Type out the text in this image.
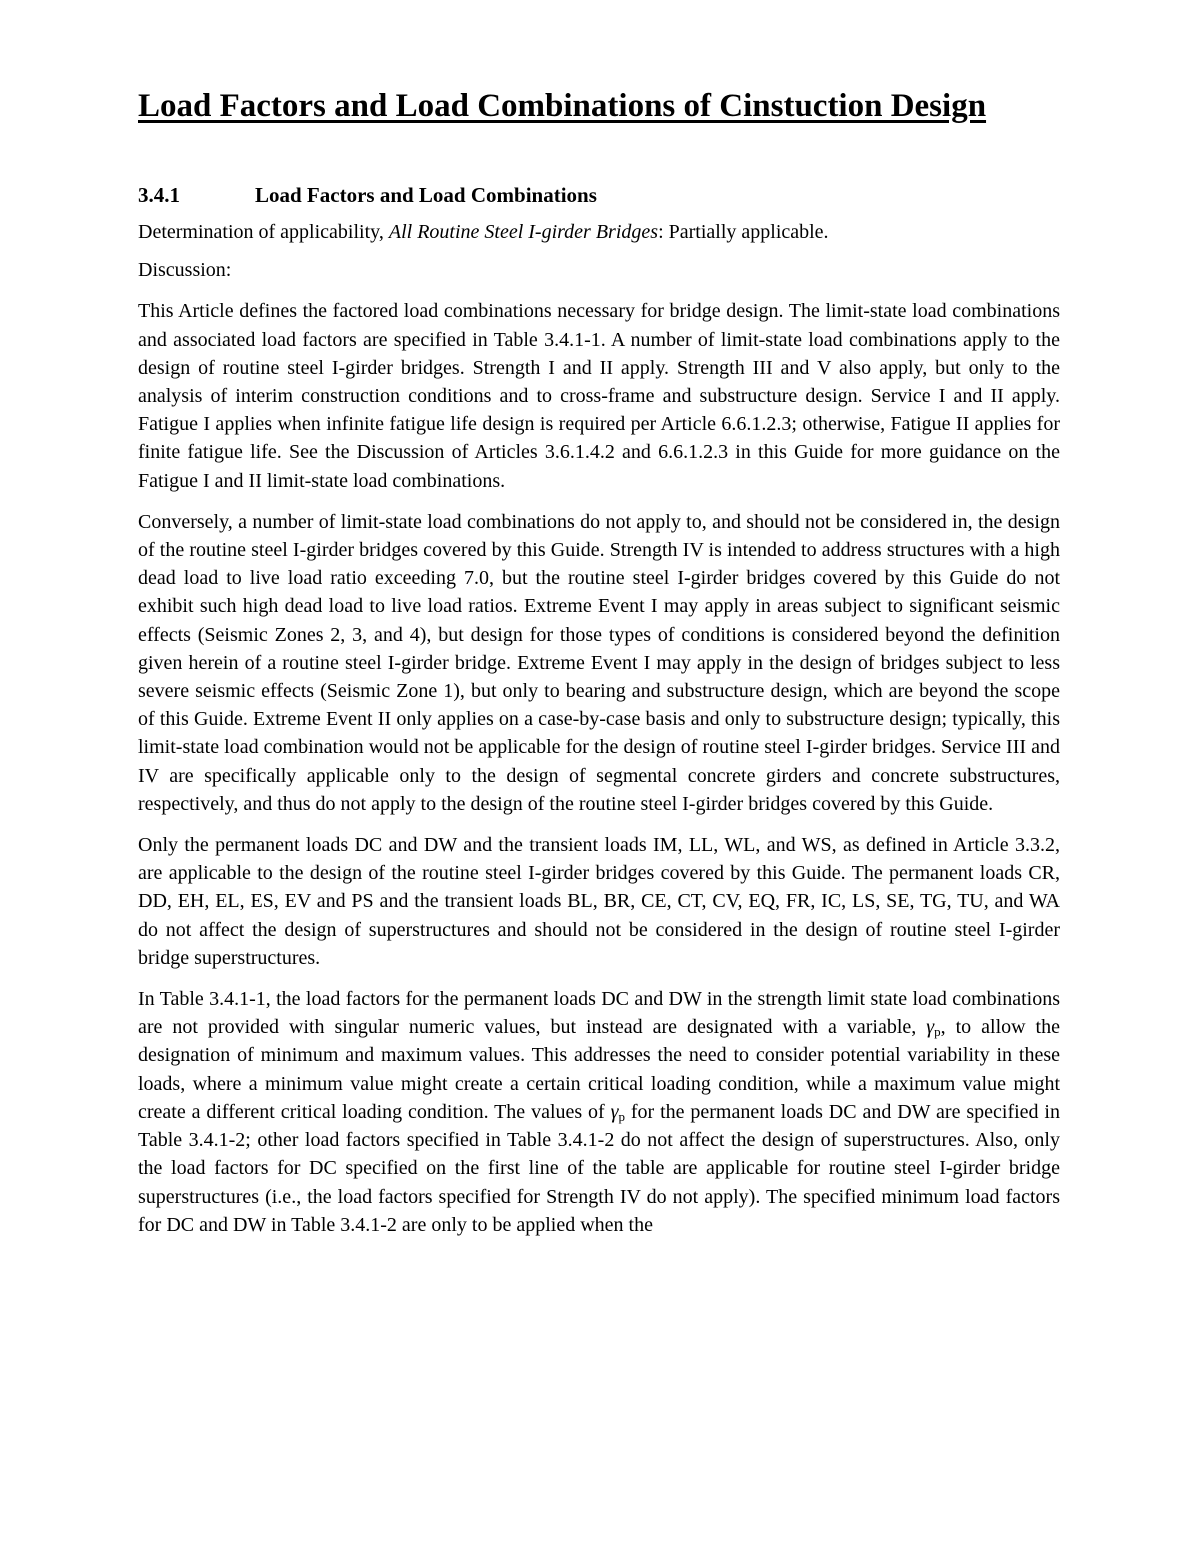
Load Factors and Load Combinations of Cinstuction Design
3.4.1	Load Factors and Load Combinations

Determination of applicability, All Routine Steel I-girder Bridges: Partially applicable.

Discussion:

This Article defines the factored load combinations necessary for bridge design. The limit-state load combinations and associated load factors are specified in Table 3.4.1-1. A number of limit-state load combinations apply to the design of routine steel I-girder bridges. Strength I and II apply. Strength III and V also apply, but only to the analysis of interim construction conditions and to cross-frame and substructure design. Service I and II apply. Fatigue I applies when infinite fatigue life design is required per Article 6.6.1.2.3; otherwise, Fatigue II applies for finite fatigue life. See the Discussion of Articles 3.6.1.4.2 and 6.6.1.2.3 in this Guide for more guidance on the Fatigue I and II limit-state load combinations.

Conversely, a number of limit-state load combinations do not apply to, and should not be considered in, the design of the routine steel I-girder bridges covered by this Guide. Strength IV is intended to address structures with a high dead load to live load ratio exceeding 7.0, but the routine steel I-girder bridges covered by this Guide do not exhibit such high dead load to live load ratios. Extreme Event I may apply in areas subject to significant seismic effects (Seismic Zones 2, 3, and 4), but design for those types of conditions is considered beyond the definition given herein of a routine steel I-girder bridge. Extreme Event I may apply in the design of bridges subject to less severe seismic effects (Seismic Zone 1), but only to bearing and substructure design, which are beyond the scope of this Guide. Extreme Event II only applies on a case-by-case basis and only to substructure design; typically, this limit-state load combination would not be applicable for the design of routine steel I-girder bridges. Service III and IV are specifically applicable only to the design of segmental concrete girders and concrete substructures, respectively, and thus do not apply to the design of the routine steel I-girder bridges covered by this Guide.

Only the permanent loads DC and DW and the transient loads IM, LL, WL, and WS, as defined in Article 3.3.2, are applicable to the design of the routine steel I-girder bridges covered by this Guide. The permanent loads CR, DD, EH, EL, ES, EV and PS and the transient loads BL, BR, CE, CT, CV, EQ, FR, IC, LS, SE, TG, TU, and WA do not affect the design of superstructures and should not be considered in the design of routine steel I-girder bridge superstructures.

In Table 3.4.1-1, the load factors for the permanent loads DC and DW in the strength limit state load combinations are not provided with singular numeric values, but instead are designated with a variable, $\gamma_p$, to allow the designation of minimum and maximum values. This addresses the need to consider potential variability in these loads, where a minimum value might create a certain critical loading condition, while a maximum value might create a different critical loading condition. The values of $\gamma_p$ for the permanent loads DC and DW are specified in Table 3.4.1-2; other load factors specified in Table 3.4.1-2 do not affect the design of superstructures. Also, only the load factors for DC specified on the first line of the table are applicable for routine steel I-girder bridge superstructures (i.e., the load factors specified for Strength IV do not apply). The specified minimum load factors for DC and DW in Table 3.4.1-2 are only to be applied when the
